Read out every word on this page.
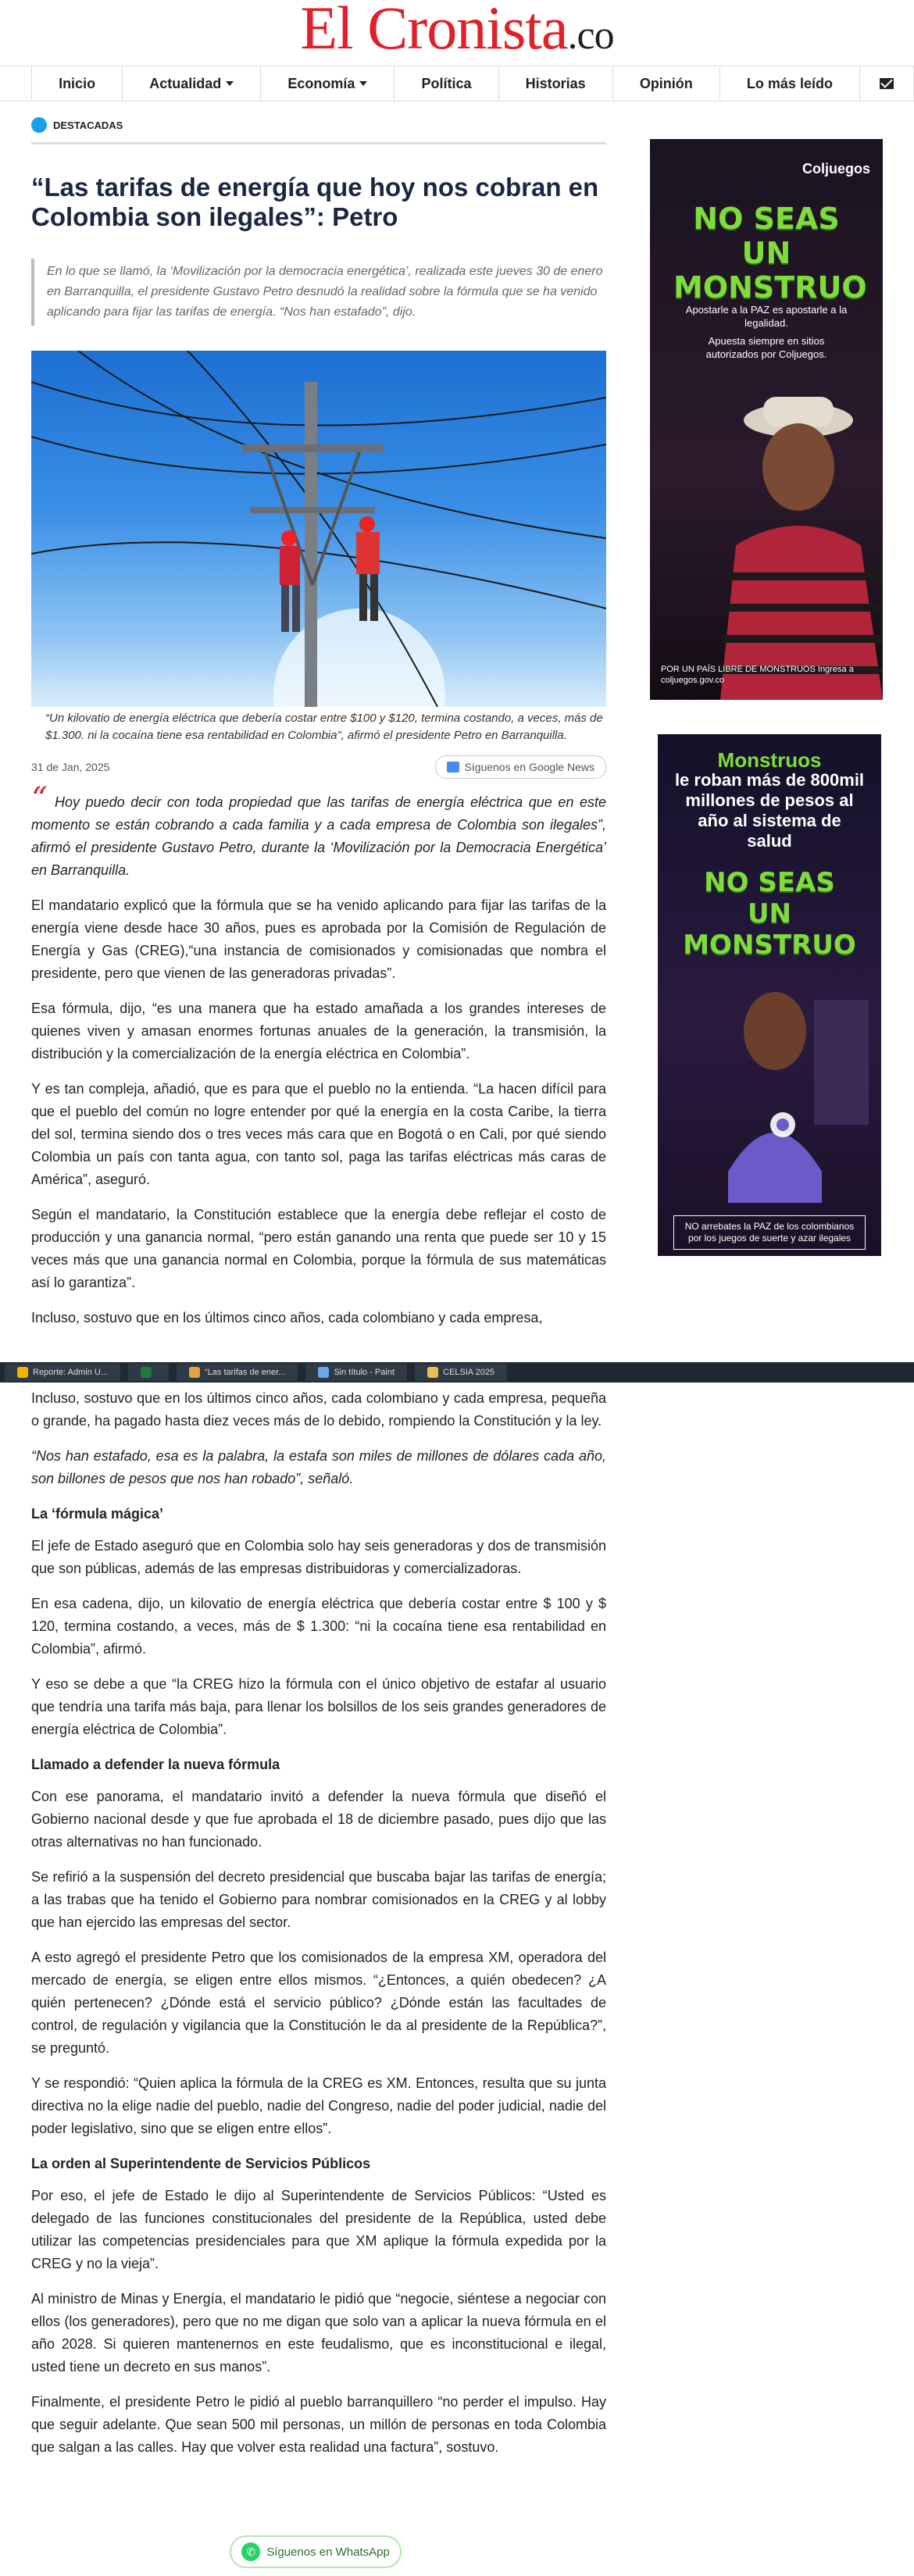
El Cronista.co
Inicio	Actualidad	Economía	Política	Historias	Opinión	Lo más leído
DESTACADAS
“Las tarifas de energía que hoy nos cobran en Colombia son ilegales”: Petro
En lo que se llamó, la ‘Movilización por la democracia energética’, realizada este jueves 30 de enero en Barranquilla, el presidente Gustavo Petro desnudó la realidad sobre la fórmula que se ha venido aplicando para fijar las tarifas de energía. “Nos han estafado”, dijo.
“Un kilovatio de energía eléctrica que debería costar entre $100 y $120, termina costando, a veces, más de $1.300. ni la cocaína tiene esa rentabilidad en Colombia”, afirmó el presidente Petro en Barranquilla.
31 de Jan, 2025	Síguenos en Google News

“ Hoy puedo decir con toda propiedad que las tarifas de energía eléctrica que en este momento se están cobrando a cada familia y a cada empresa de Colombia son ilegales”, afirmó el presidente Gustavo Petro, durante la ‘Movilización por la Democracia Energética’ en Barranquilla.

El mandatario explicó que la fórmula que se ha venido aplicando para fijar las tarifas de la energía viene desde hace 30 años, pues es aprobada por la Comisión de Regulación de Energía y Gas (CREG),“una instancia de comisionados y comisionadas que nombra el presidente, pero que vienen de las generadoras privadas”.

Esa fórmula, dijo, “es una manera que ha estado amañada a los grandes intereses de quienes viven y amasan enormes fortunas anuales de la generación, la transmisión, la distribución y la comercialización de la energía eléctrica en Colombia”.

Y es tan compleja, añadió, que es para que el pueblo no la entienda. “La hacen difícil para que el pueblo del común no logre entender por qué la energía en la costa Caribe, la tierra del sol, termina siendo dos o tres veces más cara que en Bogotá o en Cali, por qué siendo Colombia un país con tanta agua, con tanto sol, paga las tarifas eléctricas más caras de América”, aseguró.

Según el mandatario, la Constitución establece que la energía debe reflejar el costo de producción y una ganancia normal, “pero están ganando una renta que puede ser 10 y 15 veces más que una ganancia normal en Colombia, porque la fórmula de sus matemáticas así lo garantiza”.

Incluso, sostuvo que en los últimos cinco años, cada colombiano y cada empresa,

Reporte: Admin U...	“Las tarifas de ener...	Sin título - Paint	CELSIA 2025

Incluso, sostuvo que en los últimos cinco años, cada colombiano y cada empresa, pequeña o grande, ha pagado hasta diez veces más de lo debido, rompiendo la Constitución y la ley.

“Nos han estafado, esa es la palabra, la estafa son miles de millones de dólares cada año, son billones de pesos que nos han robado”, señaló.

La ‘fórmula mágica’

El jefe de Estado aseguró que en Colombia solo hay seis generadoras y dos de transmisión que son públicas, además de las empresas distribuidoras y comercializadoras.

En esa cadena, dijo, un kilovatio de energía eléctrica que debería costar entre $ 100 y $ 120, termina costando, a veces, más de $ 1.300: “ni la cocaína tiene esa rentabilidad en Colombia”, afirmó.

Y eso se debe a que “la CREG hizo la fórmula con el único objetivo de estafar al usuario que tendría una tarifa más baja, para llenar los bolsillos de los seis grandes generadores de energía eléctrica de Colombia”.

Llamado a defender la nueva fórmula

Con ese panorama, el mandatario invitó a defender la nueva fórmula que diseñó el Gobierno nacional desde y que fue aprobada el 18 de diciembre pasado, pues dijo que las otras alternativas no han funcionado.

Se refirió a la suspensión del decreto presidencial que buscaba bajar las tarifas de energía; a las trabas que ha tenido el Gobierno para nombrar comisionados en la CREG y al lobby que han ejercido las empresas del sector.

A esto agregó el presidente Petro que los comisionados de la empresa XM, operadora del mercado de energía, se eligen entre ellos mismos. “¿Entonces, a quién obedecen? ¿A quién pertenecen? ¿Dónde está el servicio público? ¿Dónde están las facultades de control, de regulación y vigilancia que la Constitución le da al presidente de la República?”, se preguntó.

Y se respondió: “Quien aplica la fórmula de la CREG es XM. Entonces, resulta que su junta directiva no la elige nadie del pueblo, nadie del Congreso, nadie del poder judicial, nadie del poder legislativo, sino que se eligen entre ellos”.

La orden al Superintendente de Servicios Públicos

Por eso, el jefe de Estado le dijo al Superintendente de Servicios Públicos: “Usted es delegado de las funciones constitucionales del presidente de la República, usted debe utilizar las competencias presidenciales para que XM aplique la fórmula expedida por la CREG y no la vieja”.

Al ministro de Minas y Energía, el mandatario le pidió que “negocie, siéntese a negociar con ellos (los generadores), pero que no me digan que solo van a aplicar la nueva fórmula en el año 2028. Si quieren mantenernos en este feudalismo, que es inconstitucional e ilegal, usted tiene un decreto en sus manos”.

Finalmente, el presidente Petro le pidió al pueblo barranquillero “no perder el impulso. Hay que seguir adelante. Que sean 500 mil personas, un millón de personas en toda Colombia que salgan a las calles. Hay que volver esta realidad una factura”, sostuvo.

✆ Síguenos en WhatsApp
Coljuegos
NO SEAS UN MONSTRUO
Apostarle a la PAZ es apostarle a la legalidad.
Apuesta siempre en sitios autorizados por Coljuegos.
POR UN PAÍS LIBRE DE MONSTRUOS Ingresa a coljuegos.gov.co
Monstruos
le roban más de 800mil millones de pesos al año al sistema de salud
NO SEAS UN MONSTRUO
NO arrebates la PAZ de los colombianos por los juegos de suerte y azar ilegales
